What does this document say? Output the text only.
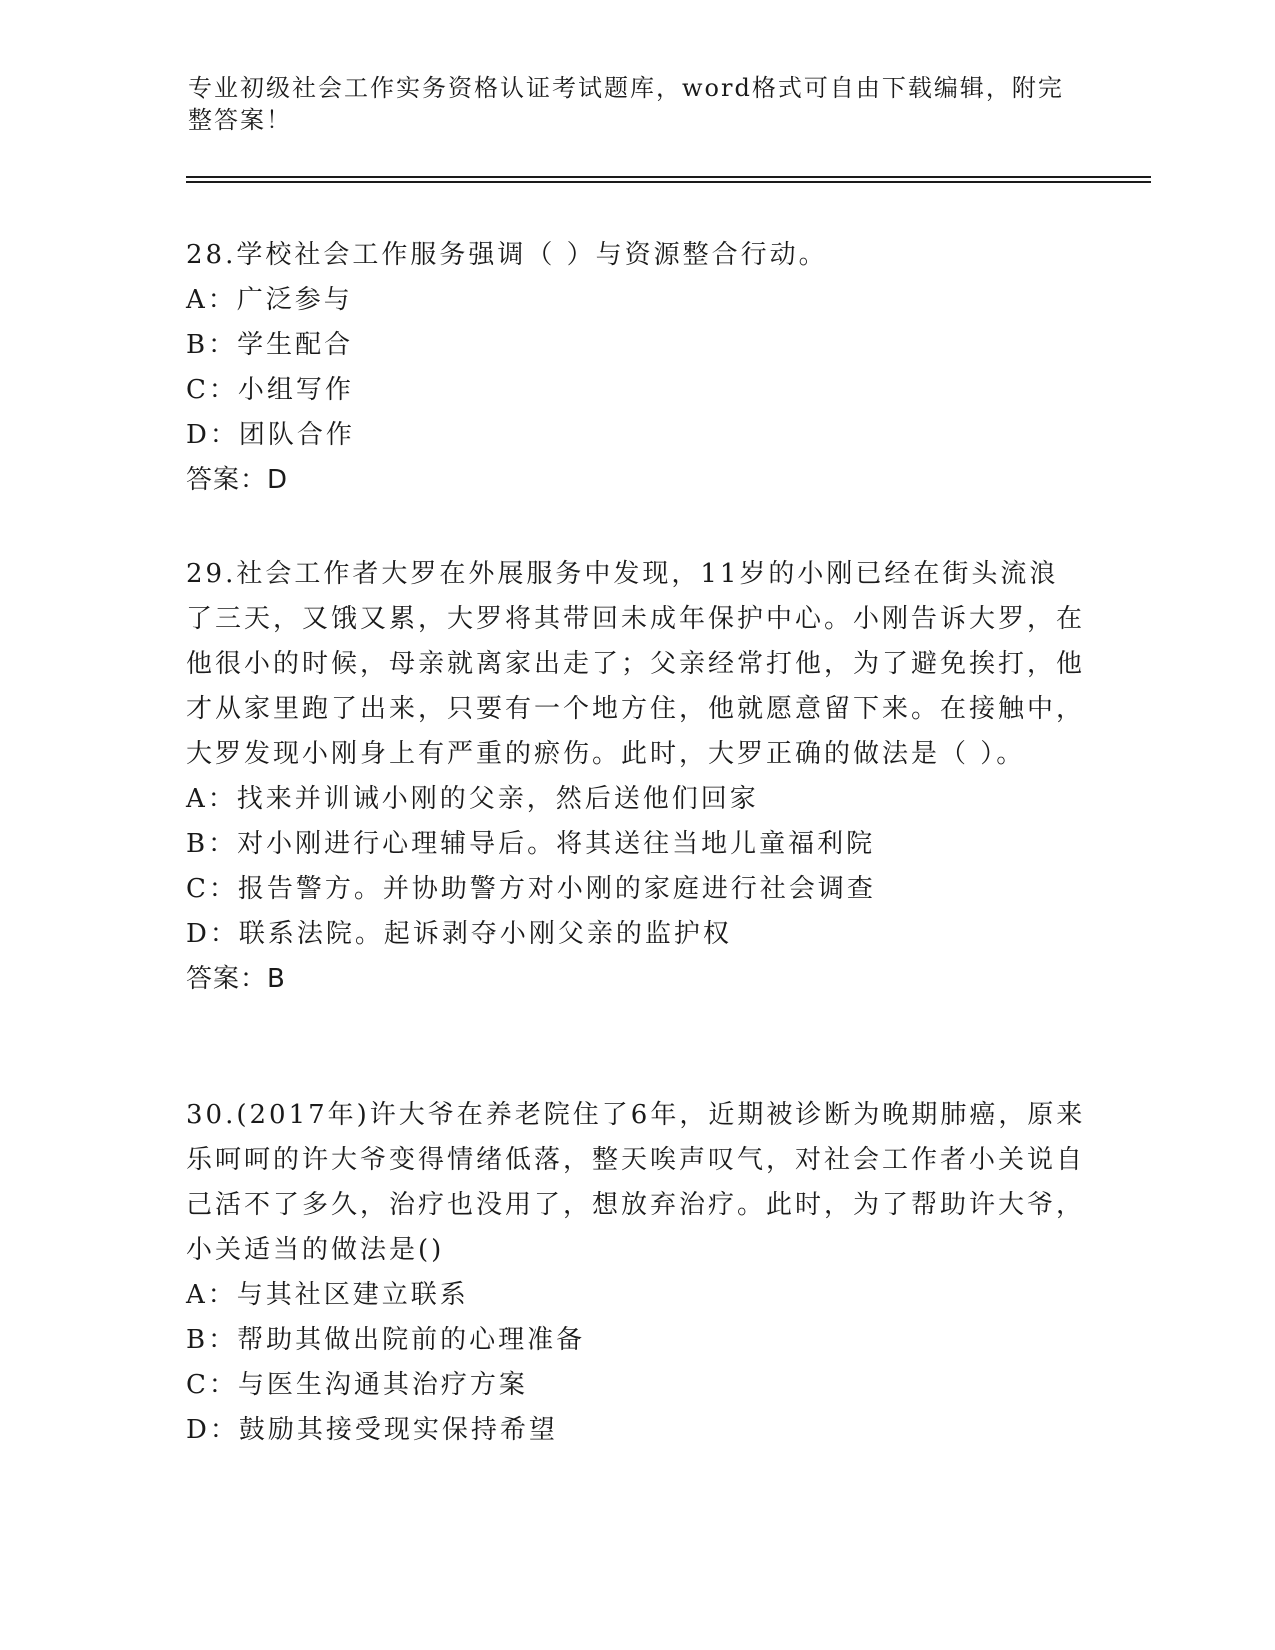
专业初级社会工作实务资格认证考试题库，word格式可自由下载编辑，附完整答案！

28.学校社会工作服务强调（ ）与资源整合行动。

A：广泛参与
B：学生配合
C：小组写作
D：团队合作

答案：D

29.社会工作者大罗在外展服务中发现，11岁的小刚已经在街头流浪了三天，又饿又累，大罗将其带回未成年保护中心。小刚告诉大罗，在他很小的时候，母亲就离家出走了；父亲经常打他，为了避免挨打，他才从家里跑了出来，只要有一个地方住，他就愿意留下来。在接触中，大罗发现小刚身上有严重的瘀伤。此时，大罗正确的做法是（ ）。

A：找来并训诫小刚的父亲，然后送他们回家
B：对小刚进行心理辅导后。将其送往当地儿童福利院
C：报告警方。并协助警方对小刚的家庭进行社会调查
D：联系法院。起诉剥夺小刚父亲的监护权

答案：B

30.(2017年)许大爷在养老院住了6年，近期被诊断为晚期肺癌，原来乐呵呵的许大爷变得情绪低落，整天唉声叹气，对社会工作者小关说自己活不了多久，治疗也没用了，想放弃治疗。此时，为了帮助许大爷，小关适当的做法是()

A：与其社区建立联系
B：帮助其做出院前的心理准备
C：与医生沟通其治疗方案
D：鼓励其接受现实保持希望
